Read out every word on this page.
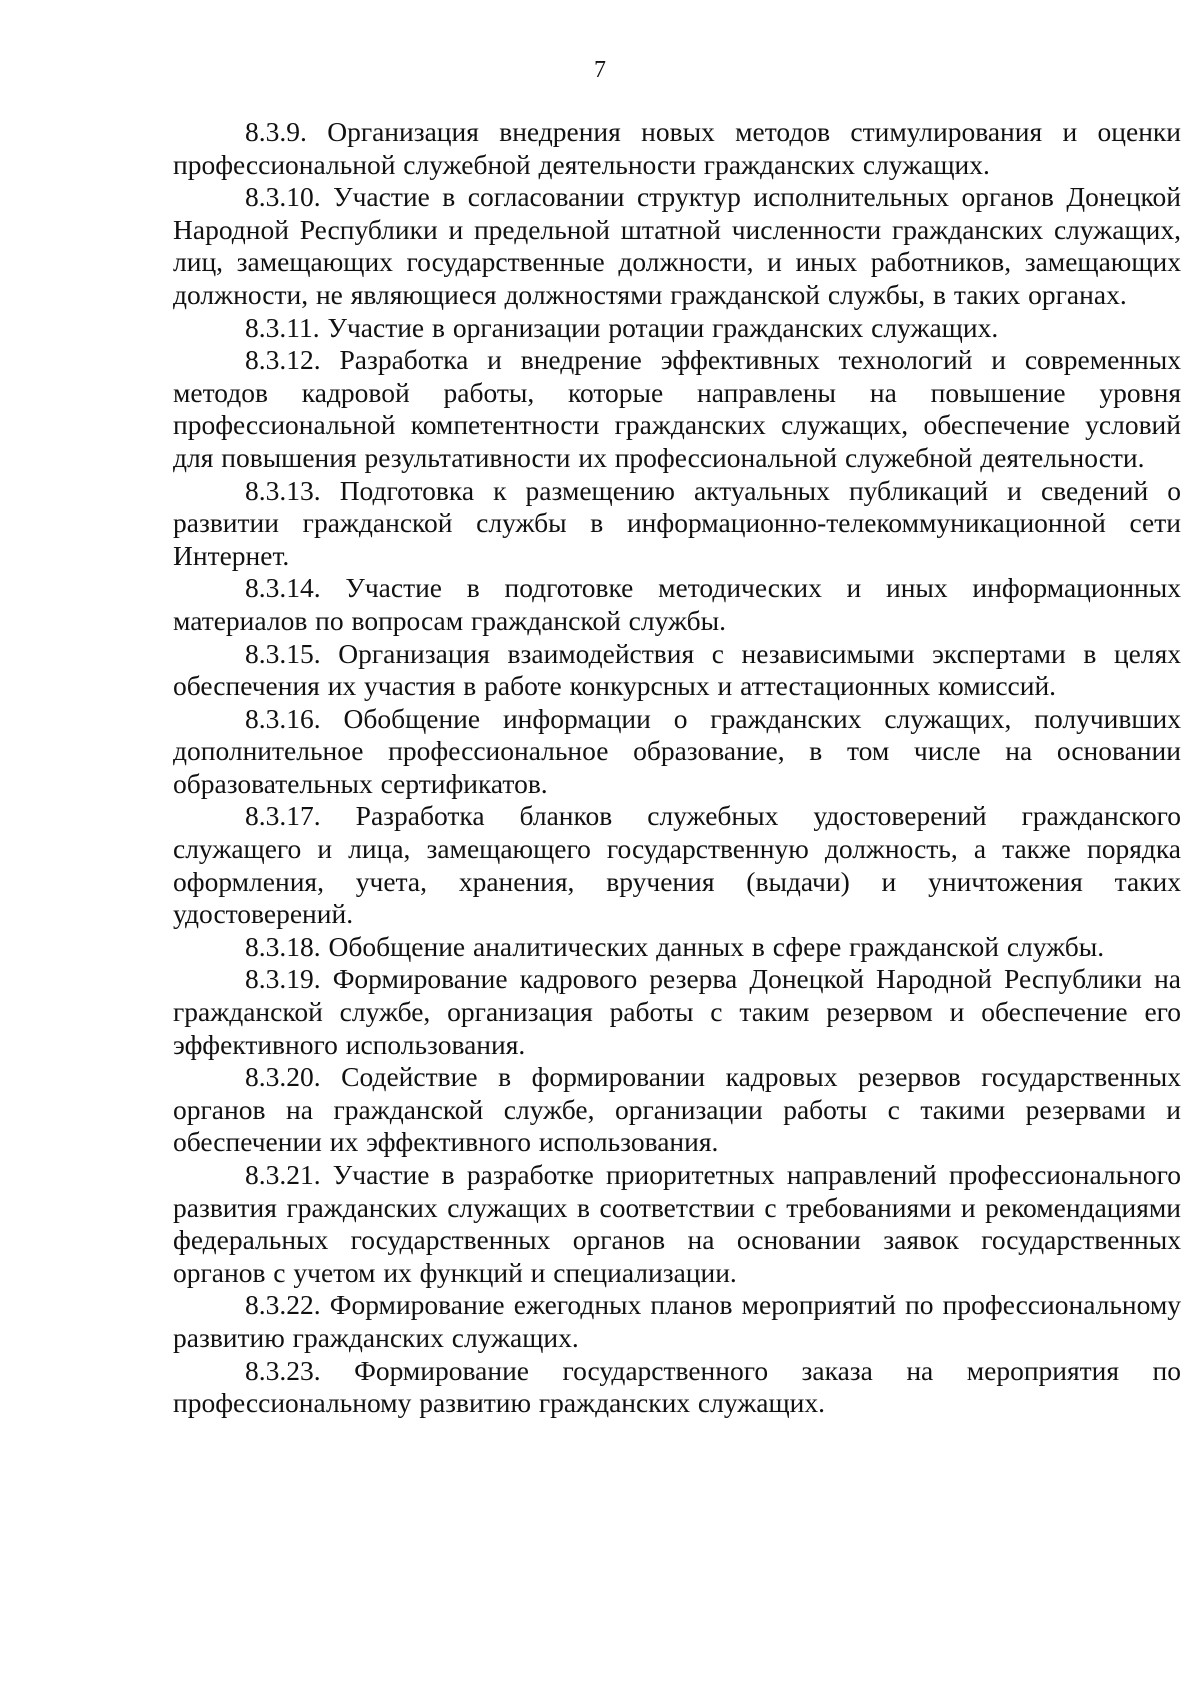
7

8.3.9. Организация внедрения новых методов стимулирования и оценки профессиональной служебной деятельности гражданских служащих.

8.3.10. Участие в согласовании структур исполнительных органов Донецкой Народной Республики и предельной штатной численности гражданских служащих, лиц, замещающих государственные должности, и иных работников, замещающих должности, не являющиеся должностями гражданской службы, в таких органах.

8.3.11. Участие в организации ротации гражданских служащих.

8.3.12. Разработка и внедрение эффективных технологий и современных методов кадровой работы, которые направлены на повышение уровня профессиональной компетентности гражданских служащих, обеспечение условий для повышения результативности их профессиональной служебной деятельности.

8.3.13. Подготовка к размещению актуальных публикаций и сведений о развитии гражданской службы в информационно-телекоммуникационной сети Интернет.

8.3.14. Участие в подготовке методических и иных информационных материалов по вопросам гражданской службы.

8.3.15. Организация взаимодействия с независимыми экспертами в целях обеспечения их участия в работе конкурсных и аттестационных комиссий.

8.3.16. Обобщение информации о гражданских служащих, получивших дополнительное профессиональное образование, в том числе на основании образовательных сертификатов.

8.3.17. Разработка бланков служебных удостоверений гражданского служащего и лица, замещающего государственную должность, а также порядка оформления, учета, хранения, вручения (выдачи) и уничтожения таких удостоверений.

8.3.18. Обобщение аналитических данных в сфере гражданской службы.

8.3.19. Формирование кадрового резерва Донецкой Народной Республики на гражданской службе, организация работы с таким резервом и обеспечение его эффективного использования.

8.3.20. Содействие в формировании кадровых резервов государственных органов на гражданской службе, организации работы с такими резервами и обеспечении их эффективного использования.

8.3.21. Участие в разработке приоритетных направлений профессионального развития гражданских служащих в соответствии с требованиями и рекомендациями федеральных государственных органов на основании заявок государственных органов с учетом их функций и специализации.

8.3.22. Формирование ежегодных планов мероприятий по профессиональному развитию гражданских служащих.

8.3.23. Формирование государственного заказа на мероприятия по профессиональному развитию гражданских служащих.
